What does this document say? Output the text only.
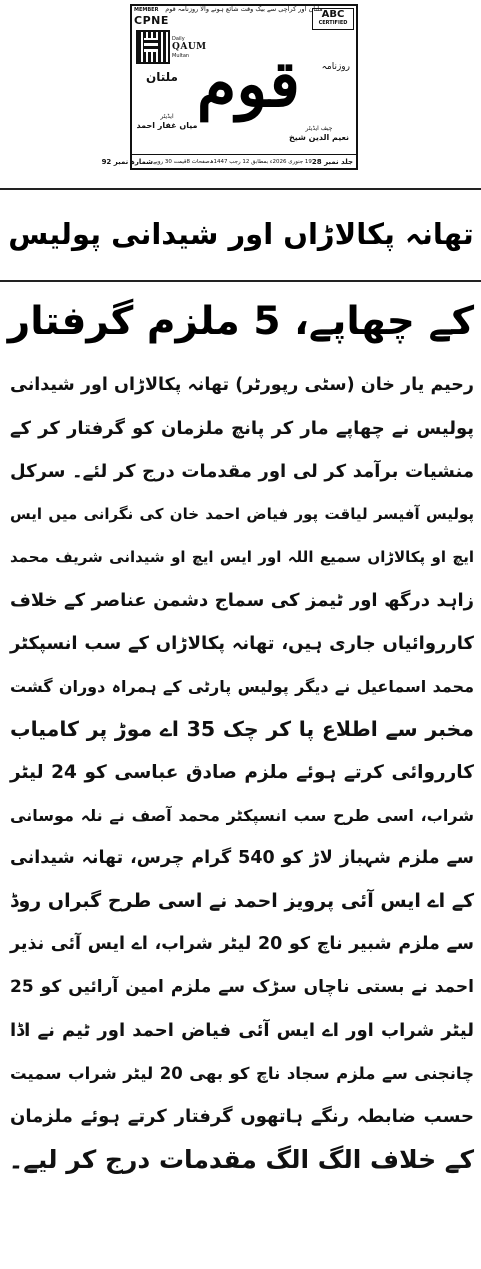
ملتان اور کراچی سے بیک وقت شائع ہونے والا روزنامہ قوم
MEMBER
CPNE	ABC
CERTIFIED
Daily
QAUM
Multan
روزنامہ
قوم
ملتان
چیف ایڈیٹر
نعیم الدین شیخ
ایڈیٹر
میاں غفار احمد
جلد نمبر 28
19 جنوری 2026ء بمطابق 12 رجب 1447ھ
صفحات 8
قیمت 30 روپے
شمارہ نمبر 92
تھانہ پکالاڑاں اور شیدانی پولیس
کے چھاپے، 5 ملزم گرفتار
رحیم یار خان (سٹی رپورٹر) تھانہ پکالاڑاں اور شیدانی
پولیس نے چھاپے مار کر پانچ ملزمان کو گرفتار کر کے
منشیات برآمد کر لی اور مقدمات درج کر لئے۔ سرکل
پولیس آفیسر لیاقت پور فیاض احمد خان کی نگرانی میں ایس
ایچ او پکالاڑاں سمیع اللہ اور ایس ایچ او شیدانی شریف محمد
زاہد درگھ اور ٹیمز کی سماج دشمن عناصر کے خلاف
کارروائیاں جاری ہیں، تھانہ پکالاڑاں کے سب انسپکٹر
محمد اسماعیل نے دیگر پولیس پارٹی کے ہمراہ دوران گشت
مخبر سے اطلاع پا کر چک 35 اے موڑ پر کامیاب
کارروائی کرتے ہوئے ملزم صادق عباسی کو 24 لیٹر
شراب، اسی طرح سب انسپکٹر محمد آصف نے نلہ موسانی
سے ملزم شہباز لاڑ کو 540 گرام چرس، تھانہ شیدانی
کے اے ایس آئی پرویز احمد نے اسی طرح گبراں روڈ
سے ملزم شبیر ناچ کو 20 لیٹر شراب، اے ایس آئی نذیر
احمد نے بستی ناچاں سڑک سے ملزم امین آرائیں کو 25
لیٹر شراب اور اے ایس آئی فیاض احمد اور ٹیم نے اڈا
چانجنی سے ملزم سجاد ناچ کو بھی 20 لیٹر شراب سمیت
حسب ضابطہ رنگے ہاتھوں گرفتار کرتے ہوئے ملزمان
کے خلاف الگ الگ مقدمات درج کر لیے۔
